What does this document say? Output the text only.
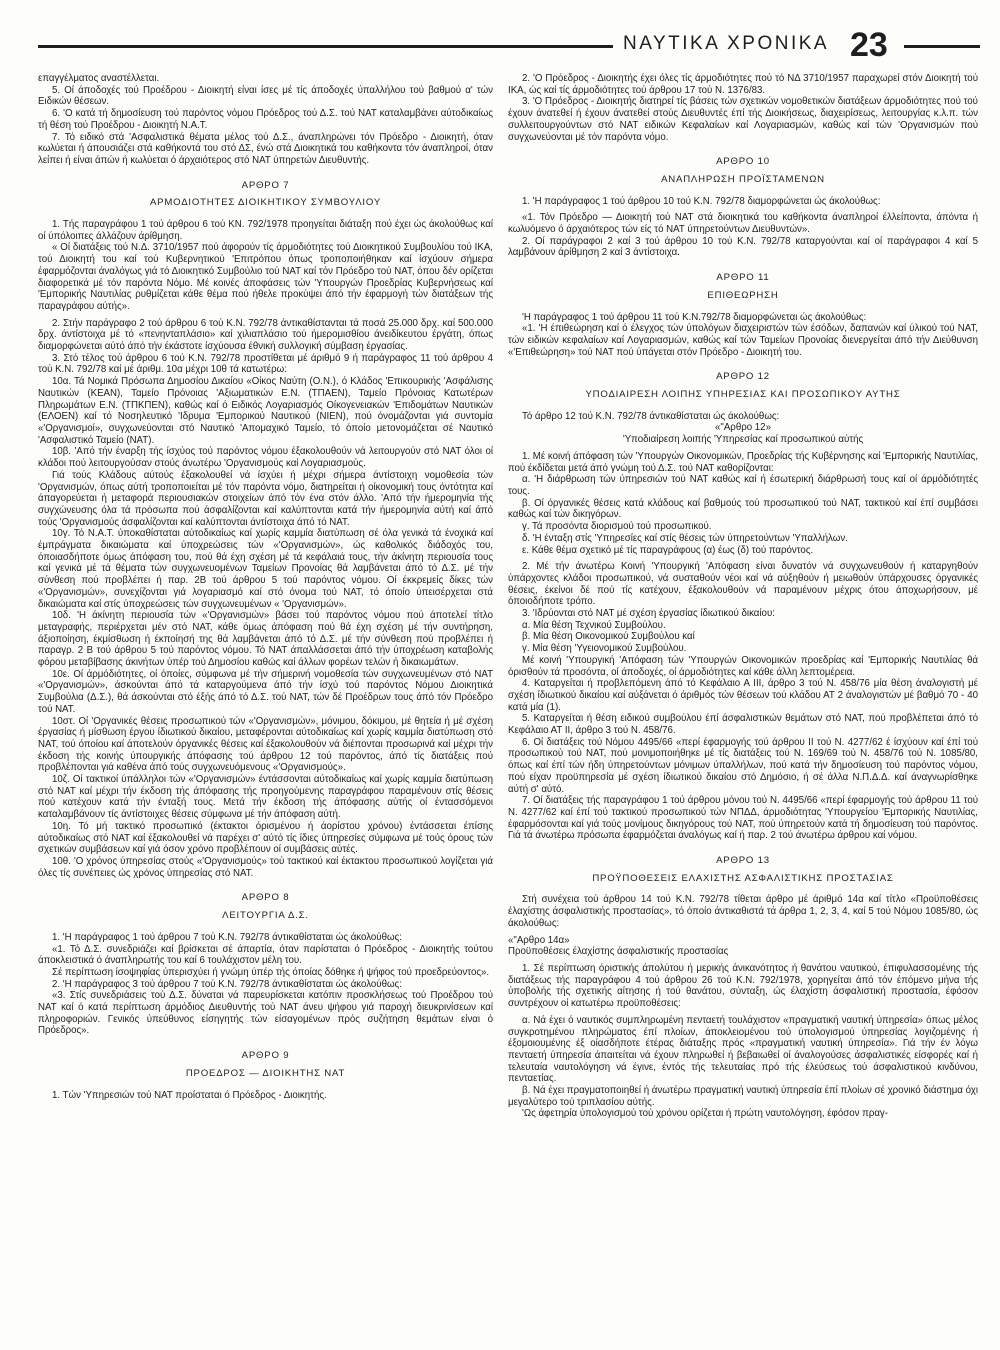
ΝΑΥΤΙΚΑ ΧΡΟΝΙΚΑ 23

επαγγέλματος αναστέλλεται.

5. Οί άποδοχές τού Προέδρου - Διοικητή είναι ίσες μέ τίς άποδοχές ύπαλλήλου τού βαθμού α' τών Ειδικών θέσεων.

6. 'Ο κατά τή δημοσίευση τού παρόντος νόμου Πρόεδρος τού Δ.Σ. τού ΝΑΤ καταλαμβάνει αύτοδικαίως τή θέση τού Προέδρου - Διοικητή Ν.Α.Τ.

7. Τό ειδικό στά 'Ασφαλιστικά θέματα μέλος τού Δ.Σ., άναπληρώνει τόν Πρόεδρο - Διοικητή, όταν κωλύεται ή άπουσιάζει στά καθήκοντά του στό ΔΣ, ένώ στά Διοικητικά του καθήκοντα τόν άναπληροί, όταν λείπει ή είναι άπών ή κωλύεται ό άρχαιότερος στό ΝΑΤ ύπηρετών Διευθυντής.

ΑΡΘΡΟ 7
ΑΡΜΟΔΙΟΤΗΤΕΣ ΔΙΟΙΚΗΤΙΚΟΥ ΣΥΜΒΟΥΛΙΟΥ

1. Τής παραγράφου 1 τού άρθρου 6 τού ΚΝ. 792/1978 προηγείται διάταξη πού έχει ώς άκολούθως καί οί ύπόλοιπες άλλάζουν άρίθμηση.

« Οί διατάξεις τού Ν.Δ. 3710/1957 πού άφορούν τίς άρμοδιότητες τού Διοικητικού Συμβουλίου τού ΙΚΑ, τού Διοικητή του καί τού Κυβερνητικού 'Επιτρόπου όπως τροποποιήθηκαν καί ίσχύουν σήμερα έφαρμόζονται άναλόγως γιά τό Διοικητικό Συμβούλιο τού ΝΑΤ καί τόν Πρόεδρο τού ΝΑΤ, όπου δέν ορίζεται διαφορετικά μέ τόν παρόντα Νόμο. Μέ κοινές άποφάσεις τών 'Υπουργών Προεδρίας Κυβερνήσεως καί 'Εμπορικής Ναυτιλίας ρυθμίζεται κάθε θέμα πού ήθελε προκύψει άπό τήν έφαρμογή τών διατάξεων τής παραγράφου αύτής».

2. Στήν παράγραφο 2 τού άρθρου 6 τού Κ.Ν. 792/78 άντικαθίστανται τά ποσά 25.000 δρχ. καί 500.000 δρχ. άντίστοιχα μέ τό «πενηνταπλάσιο» καί χιλιαπλάσιο τού ήμερομισθίου άνειδίκευτου έργάτη, όπως διαμορφώνεται αύτό άπό τήν έκάστοτε ίσχύουσα έθνική συλλογική σύμβαση έργασίας.

3. Στό τέλος τού άρθρου 6 τού Κ.Ν. 792/78 προστίθεται μέ άριθμό 9 ή παράγραφος 11 τού άρθρου 4 τού Κ.Ν. 792/78 καί μέ άριθμ. 10α μέχρι 10θ τά κατωτέρω:

10α. Τά Νομικά Πρόσωπα Δημοσίου Δικαίου «Οίκος Ναύτη (Ο.Ν.), ό Κλάδος 'Επικουρικής 'Ασφάλισης Ναυτικών (ΚΕΑΝ), Ταμείο Πρόνοιας 'Αξιωματικών Ε.Ν. (ΤΠΑΕΝ), Ταμείο Πρόνοιας Κατωτέρων Πληρωμάτων Ε.Ν. (ΤΠΚΠΕΝ), καθώς καί ό Ειδικός Λογαριασμός Οίκογενειακών 'Επιδομάτων Ναυτικών (ΕΛΟΕΝ) καί τό Νοσηλευτικό 'Ιδρυμα 'Εμπορικού Ναυτικού (ΝΙΕΝ), πού όνομάζονται γιά συντομία «'Οργανισμοί», συγχωνεύονται στό Ναυτικό 'Απομαχικό Ταμείο, τό όποίο μετονομάζεται σέ Ναυτικό 'Ασφαλιστικό Ταμείο (ΝΑΤ).

10β. 'Από τήν έναρξη τής ίσχύος τού παρόντος νόμου έξακολουθούν νά λειτουργούν στό ΝΑΤ όλοι οί κλάδοι πού λειτουργούσαν στούς άνωτέρω 'Οργανισμούς καί Λογαριασμούς.

Γιά τούς Κλάδους αύτούς έξακολουθεί νά ίσχύει ή μέχρι σήμερα άντίστοιχη νομοθεσία τών 'Οργανισμών, όπως αύτή τροποποιείται μέ τόν παρόντα νόμο, διατηρείται ή οίκονομική τους όντότητα καί άπαγορεύεται ή μεταφορά περιουσιακών στοιχείων άπό τόν ένα στόν άλλο. 'Από τήν ήμερομηνία τής συγχώνευσης όλα τά πρόσωπα πού άσφαλίζονται καί καλύπτονται κατά τήν ήμερομηνία αύτή καί άπό τούς 'Οργανισμούς άσφαλίζονται καί καλύπτονται άντίστοιχα άπό τό ΝΑΤ.

10γ. Τό Ν.Α.Τ. ύποκαθίσταται αύτοδικαίως καί χωρίς καμμία διατύπωση σέ όλα γενικά τά ένοχικά καί έμπράγματα δικαιώματα καί ύποχρεώσεις τών «'Οργανισμών», ώς καθολικός διάδοχός του, όποιασδήποτε όμως άπόφαση του, πού θά έχη σχέση μέ τά κεφάλαιά τους, τήν άκίνητη περιουσία τους καί γενικά μέ τά θέματα τών συγχωνευομένων Ταμείων Προνοίας θά λαμβάνεται άπό τό Δ.Σ. μέ τήν σύνθεση πού προβλέπει ή παρ. 2Β τού άρθρου 5 τού παρόντος νόμου. Οί έκκρεμείς δίκες τών «'Οργανισμών», συνεχίζονται γιά λογαριασμό καί στό όνομα τού ΝΑΤ, τό όποίο ύπεισέρχεται στά δικαιώματα καί στίς ύποχρεώσεις τών συγχωνευμένων « 'Οργανισμών».

10δ. 'Η άκίνητη περιουσία τών «'Οργανισμών» βάσει τού παρόντος νόμου πού άποτελεί τίτλο μεταγραφής, περιέρχεται μέν στό ΝΑΤ, κάθε όμως άπόφαση πού θά έχη σχέση μέ τήν συντήρηση, άξιοποίηση, έκμίσθωση ή έκποίησή της θά λαμβάνεται άπό τό Δ.Σ. μέ τήν σύνθεση πού προβλέπει ή παραγρ. 2 Β τού άρθρου 5 τού παρόντος νόμου. Τό ΝΑΤ άπαλλάσσεται άπό τήν ύποχρέωση καταβολής φόρου μεταβίβασης άκινήτων ύπέρ τού Δημοσίου καθώς καί άλλων φορέων τελών ή δικαιωμάτων.

10ε. Οί άρμόδιότητες, οί όποίες, σύμφωνα μέ τήν σήμερινή νομοθεσία τών συγχωνευμένων στό ΝΑΤ «'Οργανισμών», άσκούνται άπό τά καταργούμενα άπό τήν ίσχύ τού παρόντος Νόμου Διοικητικά Συμβούλια (Δ.Σ.), θά άσκούνται στό έξής άπό τό Δ.Σ. τού ΝΑΤ, τών δέ Προέδρων τους άπό τόν Πρόεδρο τού ΝΑΤ.

10στ. Οί 'Οργανικές θέσεις προσωπικού τών «'Οργανισμών», μόνιμου, δόκιμου, μέ θητεία ή μέ σχέση έργασίας ή μίσθωση έργου ίδιωτικού δικαίου, μεταφέρονται αύτοδικαίως καί χωρίς καμμία διατύπωση στό ΝΑΤ, τού όποίου καί άποτελούν όργανικές θέσεις καί έξακολουθούν νά διέπονται προσωρινά καί μέχρι τήν έκδοση τής κοινής ύπουργικής άπόφασης τού άρθρου 12 τού παρόντος, άπό τίς διατάξεις πού προβλέπονται γιά καθένα άπό τούς συγχωνευόμενους «'Οργανισμούς».

10ζ. Οί τακτικοί ύπάλληλοι τών «'Οργανισμών» έντάσσονται αύτοδικαίως καί χωρίς καμμία διατύπωση στό ΝΑΤ καί μέχρι τήν έκδοση τής άπόφασης τής προηγούμενης παραγράφου παραμένουν στίς θέσεις πού κατέχουν κατά τήν ένταξή τους. Μετά τήν έκδοση τής άπόφασης αύτής οί έντασσόμενοι καταλαμβάνουν τίς άντίστοιχες θέσεις σύμφωνα μέ τήν άπόφαση αύτή.

10η. Τό μή τακτικό προσωπικό (έκτακτοι όρισμένου ή άορίστου χρόνου) έντάσσεται έπίσης αύτοδικαίως στό ΝΑΤ καί έξακολουθεί νά παρέχει σ' αύτό τίς ίδιες ύπηρεσίες σύμφωνα μέ τούς όρους τών σχετικών συμβάσεων καί γιά όσον χρόνο προβλέπουν οί συμβάσεις αύτές.

10θ. 'Ο χρόνος ύπηρεσίας στούς «'Οργανισμούς» τού τακτικού καί έκτακτου προσωπικού λογίζεται γιά όλες τίς συνέπειες ώς χρόνος ύπηρεσίας στό ΝΑΤ.

ΑΡΘΡΟ 8
ΛΕΙΤΟΥΡΓΙΑ Δ.Σ.

1. 'Η παράγραφος 1 τού άρθρου 7 τού Κ.Ν. 792/78 άντικαθίσταται ώς άκολούθως:

«1. Τό Δ.Σ. συνεδριάζει καί βρίσκεται σέ άπαρτία, όταν παρίσταται ό Πρόεδρος - Διοικητής τούτου άποκλειστικά ό άναπληρωτής του καί 6 τουλάχιστον μέλη του.

Σέ περίπτωση ίσοψηφίας ύπερισχύει ή γνώμη ύπέρ τής όποίας δόθηκε ή ψήφος τού προεδρεύοντος».

2. 'Η παράγραφος 3 τού άρθρου 7 τού Κ.Ν. 792/78 άντικαθίσταται ώς άκολούθως:

«3. Στίς συνεδριάσεις τού Δ.Σ. δύναται νά παρευρίσκεται κατόπιν προσκλήσεως τού Προέδρου τού ΝΑΤ καί ό κατά περίπτωση άρμόδιος Διευθυντής τού ΝΑΤ άνευ ψήφου γιά παροχή διευκρινίσεων καί πληροφοριών. Γενικός ύπεύθυνος είσηγητής τών είσαγομένων πρός συζήτηση θεμάτων είναι ό Πρόεδρος».

ΑΡΘΡΟ 9
ΠΡΟΕΔΡΟΣ — ΔΙΟΙΚΗΤΗΣ ΝΑΤ

1. Τών 'Υπηρεσιών τού ΝΑΤ προίσταται ό Πρόεδρος - Διοικητής.

2. 'Ο Πρόεδρος - Διοικητής έχει όλες τίς άρμοδιότητες πού τό ΝΔ 3710/1957 παραχωρεί στόν Διοικητή τού ΙΚΑ, ώς καί τίς άρμοδιότητες τού άρθρου 17 τού Ν. 1376/83.

3. 'Ο Πρόεδρος - Διοικητής διατηρεί τίς βάσεις τών σχετικών νομοθετικών διατάξεων άρμοδιότητες πού τού έχουν άνατεθεί ή έχουν άνατεθεί στούς Διευθυντές έπί τής Διοικήσεως, διαχειρίσεως, λειτουργίας κ.λ.π. τών συλλειτουργούντων στό ΝΑΤ ειδικών Κεφαλαίων καί Λογαριασμών, καθώς καί τών 'Οργανισμών πού συγχωνεύονται μέ τόν παρόντα νόμο.

ΑΡΘΡΟ 10
ΑΝΑΠΛΗΡΩΣΗ ΠΡΟΪΣΤΑΜΕΝΩΝ

1. 'Η παράγραφος 1 τού άρθρου 10 τού Κ.Ν. 792/78 διαμορφώνεται ώς άκολούθως:

«1. Τόν Πρόεδρο — Διοικητή τού ΝΑΤ στά διοικητικά του καθήκοντα άναπληροί έλλείποντα, άπόντα ή κωλυόμενο ό άρχαιότερος τών είς τό ΝΑΤ ύπηρετούντων Διευθυντών».

2. Οί παράγραφοι 2 καί 3 τού άρθρου 10 τού Κ.Ν. 792/78 καταργούνται καί οί παράγραφοι 4 καί 5 λαμβάνουν άρίθμηση 2 καί 3 άντίστοιχα.

ΑΡΘΡΟ 11
ΕΠΙΘΕΩΡΗΣΗ

'Η παράγραφος 1 τού άρθρου 11 τού Κ.Ν.792/78 διαμορφώνεται ώς άκολούθως:

«1. 'Η έπιθεώρηση καί ό έλεγχος τών ύπολόγων διαχειριστών τών έσόδων, δαπανών καί ύλικού τού ΝΑΤ, τών ειδικών κεφαλαίων καί Λογαριασμών, καθώς καί τών Ταμείων Προνοίας διενεργείται άπό τήν Διεύθυνση «'Επιθεώρηση» τού ΝΑΤ πού ύπάγεται στόν Πρόεδρο - Διοικητή του.

ΑΡΘΡΟ 12
ΥΠΟΔΙΑΙΡΕΣΗ ΛΟΙΠΗΣ ΥΠΗΡΕΣΙΑΣ ΚΑΙ ΠΡΟΣΩΠΙΚΟΥ ΑΥΤΗΣ

Τό άρθρο 12 τού Κ.Ν. 792/78 άντικαθίσταται ώς άκολούθως:

«"Αρθρο 12»

'Υποδιαίρεση λοιπής 'Υπηρεσίας καί προσωπικού αύτής

1. Μέ κοινή άπόφαση τών 'Υπουργών Οικονομικών, Προεδρίας τής Κυβέρνησης καί 'Εμπορικής Ναυτιλίας, πού έκδίδεται μετά άπό γνώμη τού Δ.Σ. τού ΝΑΤ καθορίζονται:

α. 'Η διάρθρωση τών ύπηρεσιών τού ΝΑΤ καθώς καί ή έσωτερική διάρθρωσή τους καί οί άρμόδιότητές τους.

β. Οί όργανικές θέσεις κατά κλάδους καί βαθμούς τού προσωπικού τού ΝΑΤ, τακτικού καί έπί συμβάσει καθώς καί τών δικηγόρων.

γ. Τά προσόντα διορισμού τού προσωπικού.

δ. 'Η ένταξη στίς 'Υπηρεσίες καί στίς θέσεις τών ύπηρετούντων 'Υπαλλήλων.

ε. Κάθε θέμα σχετικό μέ τίς παραγράφους (α) έως (δ) τού παρόντος.

2. Μέ τήν άνωτέρω Κοινή 'Υπουργική 'Απόφαση είναι δυνατόν νά συγχωνευθούν ή καταργηθούν ύπάρχοντες κλάδοι προσωπικού, νά συσταθούν νέοι καί νά αύξηθούν ή μειωθούν ύπάρχουσες όργανικές θέσεις, έκείνοι δέ πού τίς κατέχουν, έξακολουθούν νά παραμένουν μέχρις ότου άποχωρήσουν, μέ όποιοδήποτε τρόπο.

3. 'Ιδρύονται στό ΝΑΤ μέ σχέση έργασίας ίδιωτικού δικαίου:

α. Μία θέση Τεχνικού Συμβούλου.

β. Μία θέση Οικονομικού Συμβούλου καί

γ. Μία θέση 'Υγειονομικού Συμβούλου.

Μέ κοινή 'Υπουργική 'Απόφαση τών 'Υπουργών Οικονομικών προεδρίας καί 'Εμπορικής Ναυτιλίας θά όρισθούν τά προσόντα, οί άποδοχές, οί άρμοδιότητες καί κάθε άλλη λεπτομέρεια.

4. Καταργείται ή προβλεπόμενη άπό τό Κεφάλαιο Α ΙΙΙ, άρθρο 3 τού Ν. 458/76 μία θέση άναλογιστή μέ σχέση ίδιωτικού δικαίου καί αύξάνεται ό άριθμός τών θέσεων τού κλάδου ΑΤ 2 άναλογιστών μέ βαθμό 70 - 40 κατά μία (1).

5. Καταργείται ή θέση ειδικού συμβούλου έπί άσφαλιστικών θεμάτων στό ΝΑΤ, πού προβλέπεται άπό τό Κεφάλαιο ΑΤ ΙΙ, άρθρο 3 τού Ν. 458/76.

6. Οί διατάξεις τού Νόμου 4495/66 «περί έφαρμογής τού άρθρου ΙΙ τού Ν. 4277/62 έ ίσχύουν καί έπί τού προσωπικού τού ΝΑΤ, πού μονιμοποιήθηκε μέ τίς διατάξεις τού Ν. 169/69 τού Ν. 458/76 τού Ν. 1085/80, όπως καί έπί τών ήδη ύπηρετούντων μόνιμων ύπαλλήλων, πού κατά τήν δημοσίευση τού παρόντος νόμου, πού είχαν προϋπηρεσία μέ σχέση ίδιωτικού δικαίου στό Δημόσιο, ή σέ άλλα Ν.Π.Δ.Δ. καί άναγνωρίσθηκε αύτή σ' αύτό.

7. Οί διατάξεις τής παραγράφου 1 τού άρθρου μόνου τού Ν. 4495/66 «περί έφαρμογής τού άρθρου 11 τού Ν. 4277/62 καί έπί τού τακτικού προσωπικού τών ΝΠΔΔ, άρμοδιότητας 'Υπουργείου 'Εμπορικής Ναυτιλίας, έφαρμόσονται καί γιά τούς μονίμους δικηγόρους τού ΝΑΤ, πού ύπηρετούν κατά τή δημοσίευση τού παρόντος. Γιά τά άνωτέρω πρόσωπα έφαρμόζεται άναλόγως καί ή παρ. 2 τού άνωτέρω άρθρου καί νόμου.

ΑΡΘΡΟ 13
ΠΡΟΫΠΟΘΕΣΕΙΣ ΕΛΑΧΙΣΤΗΣ ΑΣΦΑΛΙΣΤΙΚΗΣ ΠΡΟΣΤΑΣΙΑΣ

Στή συνέχεια τού άρθρου 14 τού Κ.Ν. 792/78 τίθεται άρθρο μέ άριθμό 14α καί τίτλο «Προϋποθέσεις έλαχίστης άσφαλιστικής προστασίας», τό όποίο άντικαθιστά τά άρθρα 1, 2, 3, 4, καί 5 τού Νόμου 1085/80, ώς άκολούθως:

«"Αρθρο 14α»

Προϋποθέσεις έλαχίστης άσφαλιστικής προστασίας

1. Σέ περίπτωση όριστικής άπολύτου ή μερικής άνικανότητος ή θανάτου ναυτικού, έπιφυλασσομένης τής διατάξεως τής παραγράφου 4 τού άρθρου 26 τού Κ.Ν. 792/1978, χορηγείται άπό τόν έπόμενο μήνα τής ύποβολής τής σχετικής αίτησης ή τού θανάτου, σύνταξη, ώς έλαχίστη άσφαλιστική προστασία, έφόσον συντρέχουν οί κατωτέρω προϋποθέσεις:

α. Νά έχει ό ναυτικός συμπληρωμένη πενταετή τουλάχιστον «πραγματική ναυτική ύπηρεσία» όπως μέλος συγκροτημένου πληρώματος έπί πλοίων, άποκλειομένου τού ύπολογισμού ύπηρεσίας λογιζομένης ή έξομοιουμένης έξ οίασδήποτε έτέρας διάταξης πρός «πραγματική ναυτική ύπηρεσία». Γιά τήν έν λόγω πενταετή ύπηρεσία άπαιτείται νά έχουν πληρωθεί ή βεβαιωθεί οί άναλογούσες άσφαλιστικές είσφορές καί ή τελευταία ναυτολόγηση νά έγινε, έντός τής τελευταίας πρό τής έλεύσεως τού άσφαλιστικού κινδύνου, πενταετίας.

β. Νά έχει πραγματοποιηθεί ή άνωτέρω πραγματική ναυτική ύπηρεσία έπί πλοίων σέ χρονικό διάστημα όχι μεγαλύτερο τού τριπλασίου αύτής.

'Ως άφετηρία ύπολογισμού τού χρόνου ορίζεται ή πρώτη ναυτολόγηση, έφόσον πραγ-
